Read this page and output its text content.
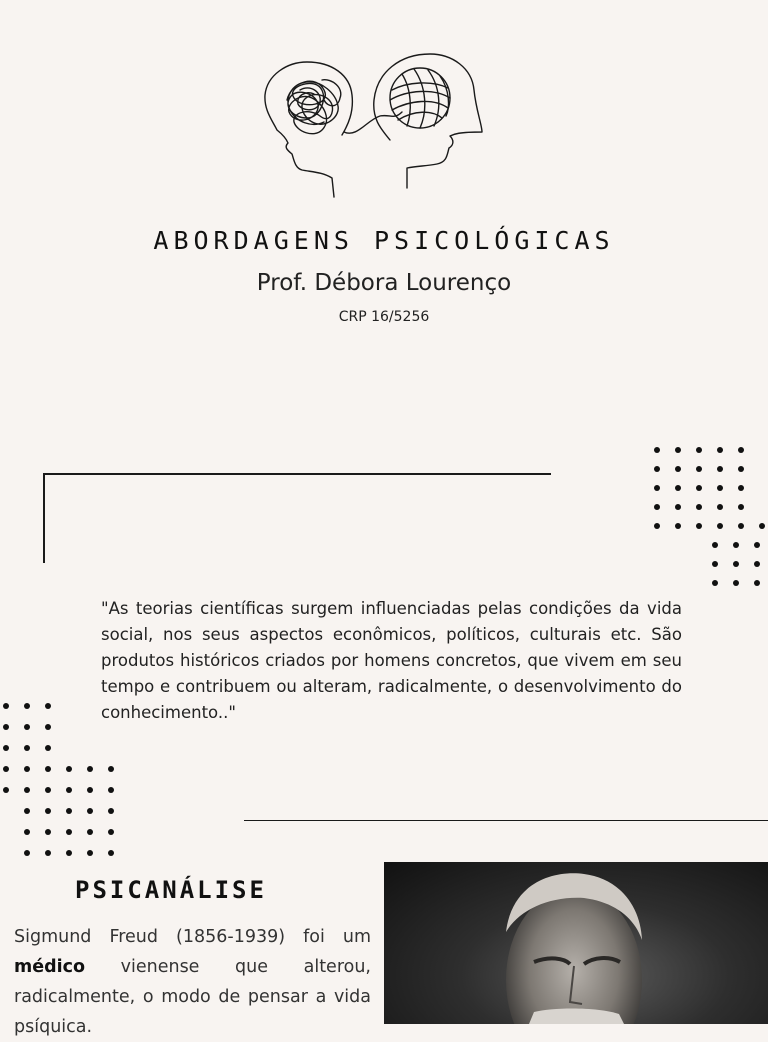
ABORDAGENS PSICOLÓGICAS
Prof. Débora Lourenço
CRP 16/5256
"As teorias científicas surgem influenciadas pelas condições da vida social, nos seus aspectos econômicos, políticos, culturais etc. São produtos históricos criados por homens concretos, que vivem em seu tempo e contribuem ou alteram, radicalmente, o desenvolvimento do conhecimento.."
PSICANÁLISE
Sigmund Freud (1856-1939) foi um médico vienense que alterou, radicalmente, o modo de pensar a vida psíquica.
